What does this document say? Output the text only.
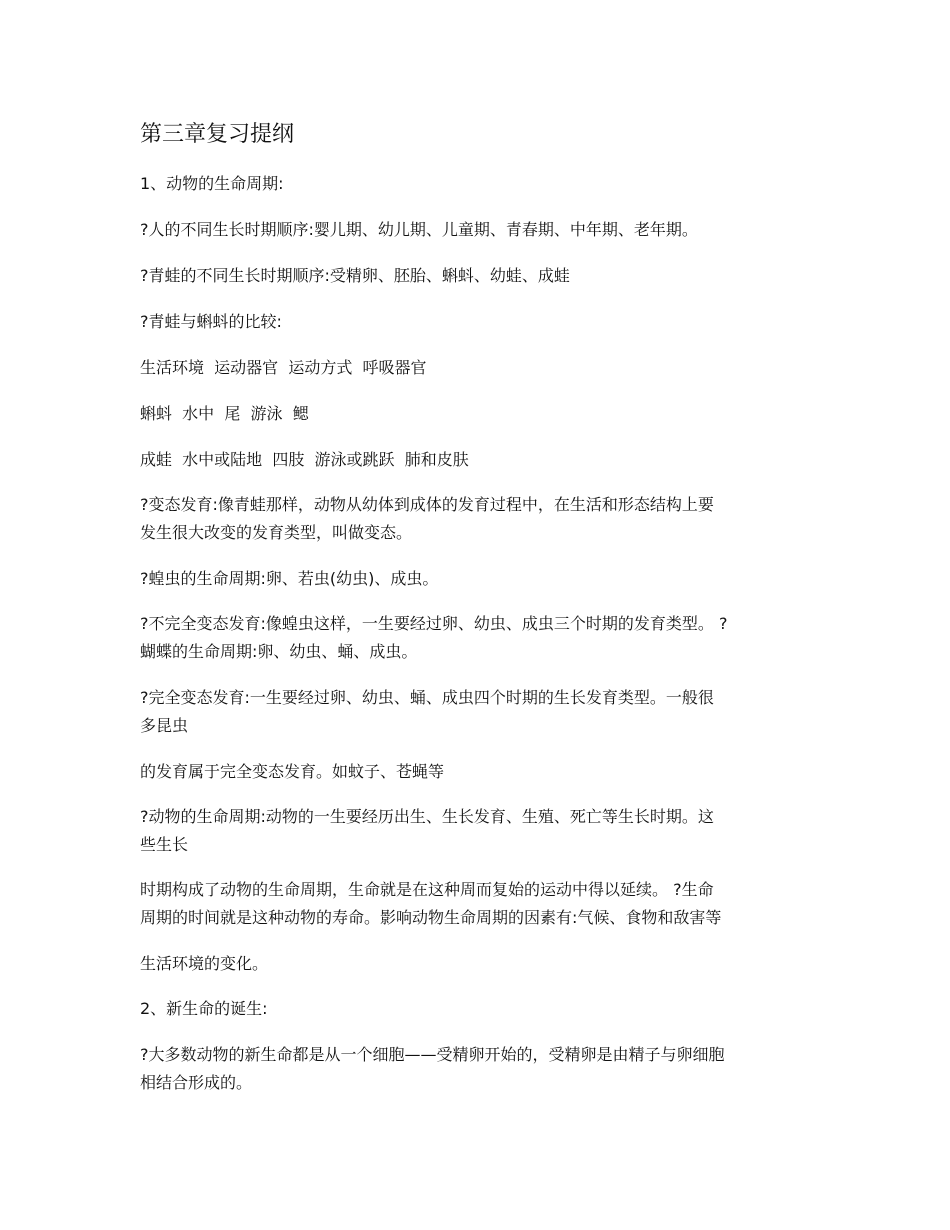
第三章复习提纲

1、动物的生命周期:

?人的不同生长时期顺序:婴儿期、幼儿期、儿童期、青春期、中年期、老年期。

?青蛙的不同生长时期顺序:受精卵、胚胎、蝌蚪、幼蛙、成蛙

?青蛙与蝌蚪的比较:

生活环境  运动器官  运动方式  呼吸器官

蝌蚪  水中  尾  游泳  鳃

成蛙  水中或陆地  四肢  游泳或跳跃  肺和皮肤

?变态发育:像青蛙那样，动物从幼体到成体的发育过程中，在生活和形态结构上要
发生很大改变的发育类型，叫做变态。

?蝗虫的生命周期:卵、若虫(幼虫)、成虫。

?不完全变态发育:像蝗虫这样，一生要经过卵、幼虫、成虫三个时期的发育类型。 ?
蝴蝶的生命周期:卵、幼虫、蛹、成虫。

?完全变态发育:一生要经过卵、幼虫、蛹、成虫四个时期的生长发育类型。一般很
多昆虫

的发育属于完全变态发育。如蚊子、苍蝇等

?动物的生命周期:动物的一生要经历出生、生长发育、生殖、死亡等生长时期。这
些生长

时期构成了动物的生命周期，生命就是在这种周而复始的运动中得以延续。 ?生命
周期的时间就是这种动物的寿命。影响动物生命周期的因素有:气候、食物和敌害等

生活环境的变化。

2、新生命的诞生:

?大多数动物的新生命都是从一个细胞——受精卵开始的，受精卵是由精子与卵细胞
相结合形成的。
